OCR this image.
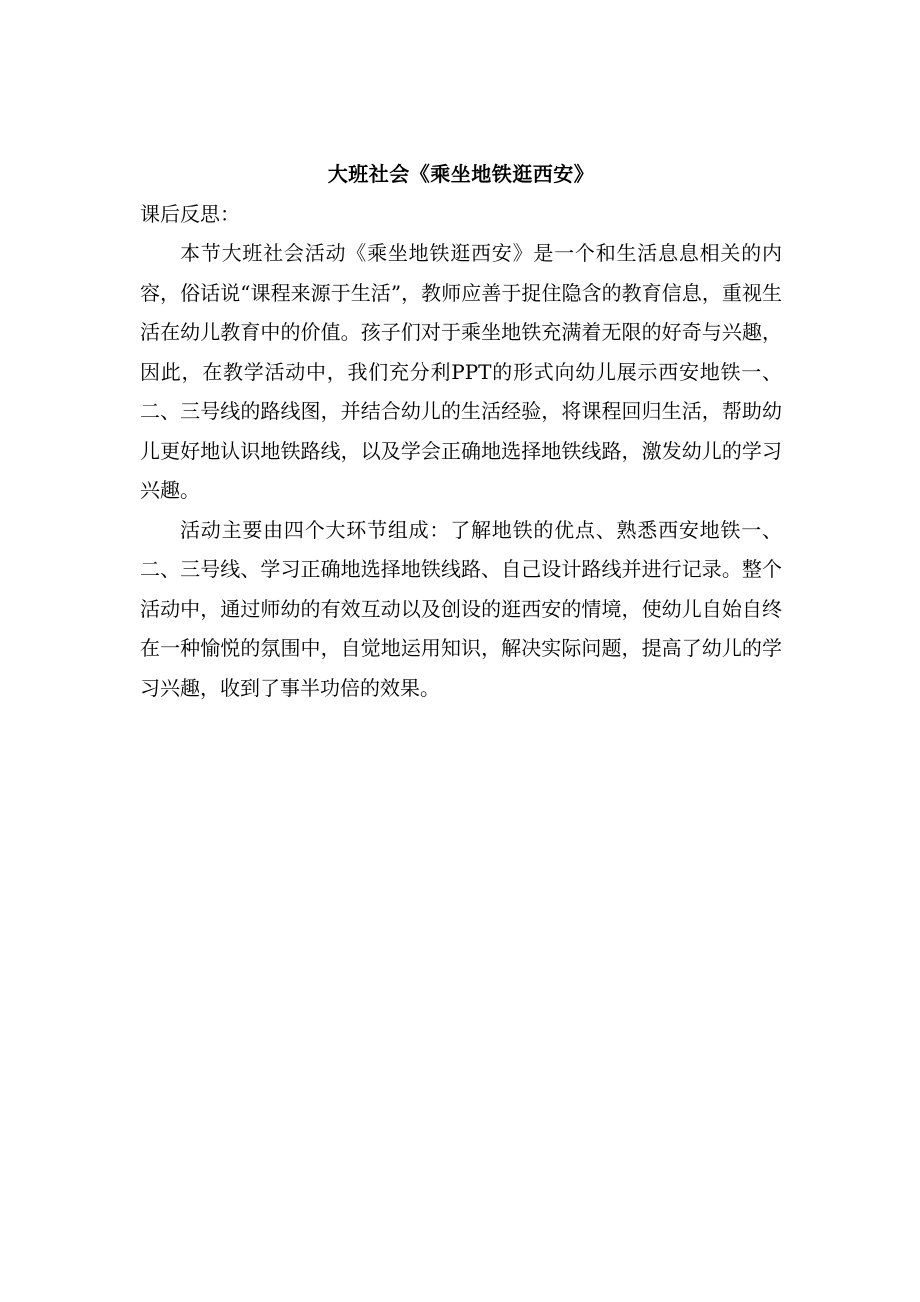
大班社会《乘坐地铁逛西安》

课后反思：

本节大班社会活动《乘坐地铁逛西安》是一个和生活息息相关的内容，俗话说“课程来源于生活”，教师应善于捉住隐含的教育信息，重视生活在幼儿教育中的价值。孩子们对于乘坐地铁充满着无限的好奇与兴趣，因此，在教学活动中，我们充分利PPT的形式向幼儿展示西安地铁一、二、三号线的路线图，并结合幼儿的生活经验，将课程回归生活，帮助幼儿更好地认识地铁路线，以及学会正确地选择地铁线路，激发幼儿的学习兴趣。

活动主要由四个大环节组成：了解地铁的优点、熟悉西安地铁一、二、三号线、学习正确地选择地铁线路、自己设计路线并进行记录。整个活动中，通过师幼的有效互动以及创设的逛西安的情境，使幼儿自始自终在一种愉悦的氛围中，自觉地运用知识，解决实际问题，提高了幼儿的学习兴趣，收到了事半功倍的效果。
